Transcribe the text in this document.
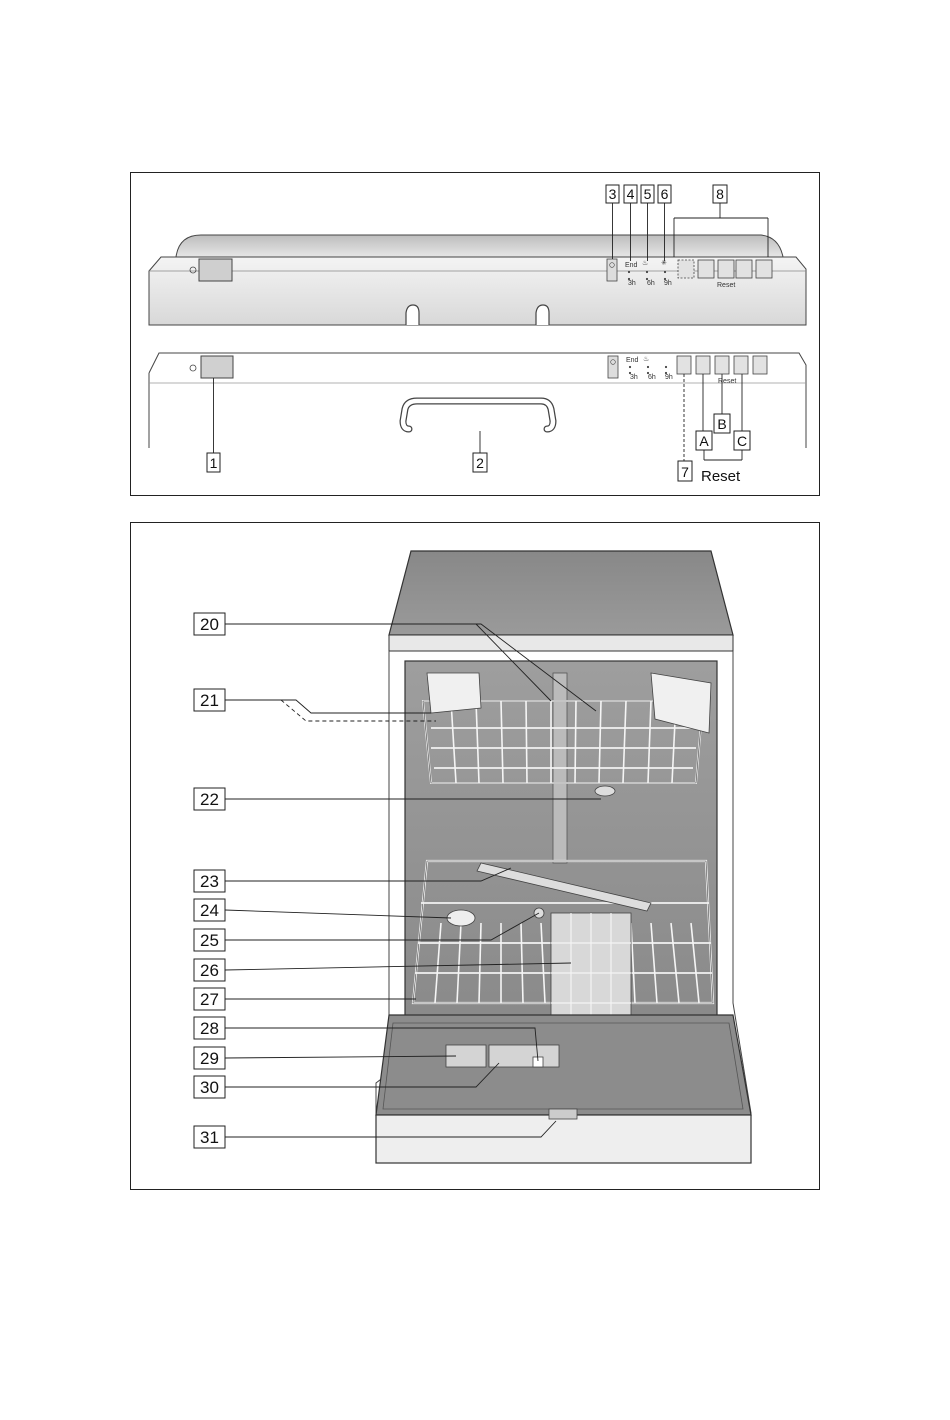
End
3h 6h 9h
♨ ✳
Reset
3 4 5 6	8
End
3h 6h 9h
♨
Reset
1	2
7
A
B
C
Reset
20
21
22
23
24
25
26
27
28
29
30
31
